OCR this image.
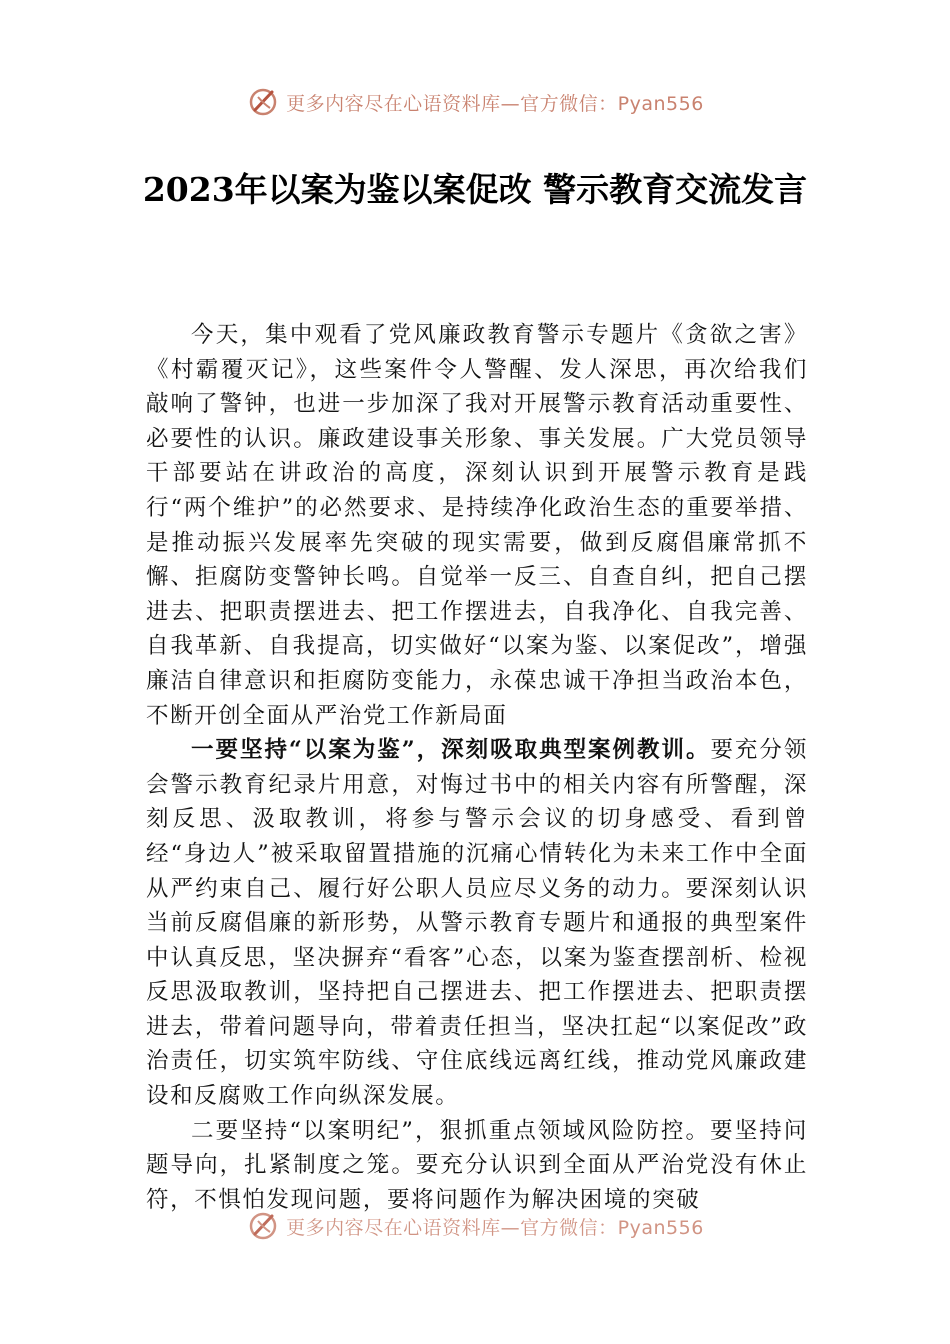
更多内容尽在心语资料库—官方微信：Pyan556
2023年以案为鉴以案促改 警示教育交流发言

今天，集中观看了党风廉政教育警示专题片《贪欲之害》《村霸覆灭记》，这些案件令人警醒、发人深思，再次给我们敲响了警钟，也进一步加深了我对开展警示教育活动重要性、必要性的认识。廉政建设事关形象、事关发展。广大党员领导干部要站在讲政治的高度，深刻认识到开展警示教育是践行“两个维护”的必然要求、是持续净化政治生态的重要举措、是推动振兴发展率先突破的现实需要，做到反腐倡廉常抓不懈、拒腐防变警钟长鸣。自觉举一反三、自查自纠，把自己摆进去、把职责摆进去、把工作摆进去，自我净化、自我完善、自我革新、自我提高，切实做好“以案为鉴、以案促改”，增强廉洁自律意识和拒腐防变能力，永葆忠诚干净担当政治本色，不断开创全面从严治党工作新局面

一要坚持“以案为鉴”，深刻吸取典型案例教训。要充分领会警示教育纪录片用意，对悔过书中的相关内容有所警醒，深刻反思、汲取教训，将参与警示会议的切身感受、看到曾经“身边人”被采取留置措施的沉痛心情转化为未来工作中全面从严约束自己、履行好公职人员应尽义务的动力。要深刻认识当前反腐倡廉的新形势，从警示教育专题片和通报的典型案件中认真反思，坚决摒弃“看客”心态，以案为鉴查摆剖析、检视反思汲取教训，坚持把自己摆进去、把工作摆进去、把职责摆进去，带着问题导向，带着责任担当，坚决扛起“以案促改”政治责任，切实筑牢防线、守住底线远离红线，推动党风廉政建设和反腐败工作向纵深发展。

二要坚持“以案明纪”，狠抓重点领域风险防控。要坚持问题导向，扎紧制度之笼。要充分认识到全面从严治党没有休止符，不惧怕发现问题，要将问题作为解决困境的突破

更多内容尽在心语资料库—官方微信：Pyan556
